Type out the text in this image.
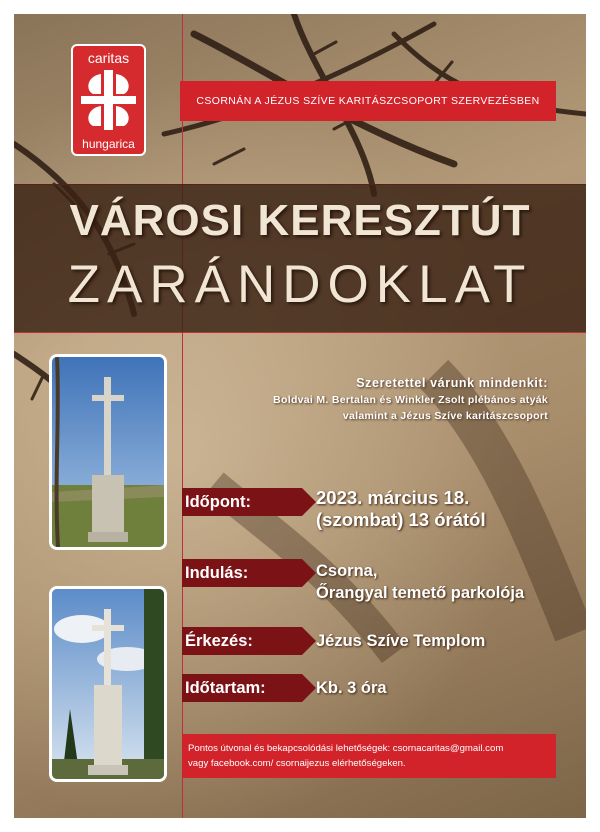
caritas
hungarica
CSORNÁN A JÉZUS SZÍVE KARITÁSZCSOPORT SZERVEZÉSBEN
VÁROSI KERESZTÚT
ZARÁNDOKLAT
Szeretettel várunk mindenkit:
Boldvai M. Bertalan és Winkler Zsolt plébános atyák
valamint a Jézus Szíve karitászcsoport
Időpont:	2023. március 18.
(szombat) 13 órától
Indulás:	Csorna,
Őrangyal temető parkolója
Érkezés:	Jézus Szíve Templom
Időtartam:	Kb. 3 óra
Pontos útvonal és bekapcsolódási lehetőségek: csornacaritas@gmail.com
vagy facebook.com/ csornaijezus elérhetőségeken.
